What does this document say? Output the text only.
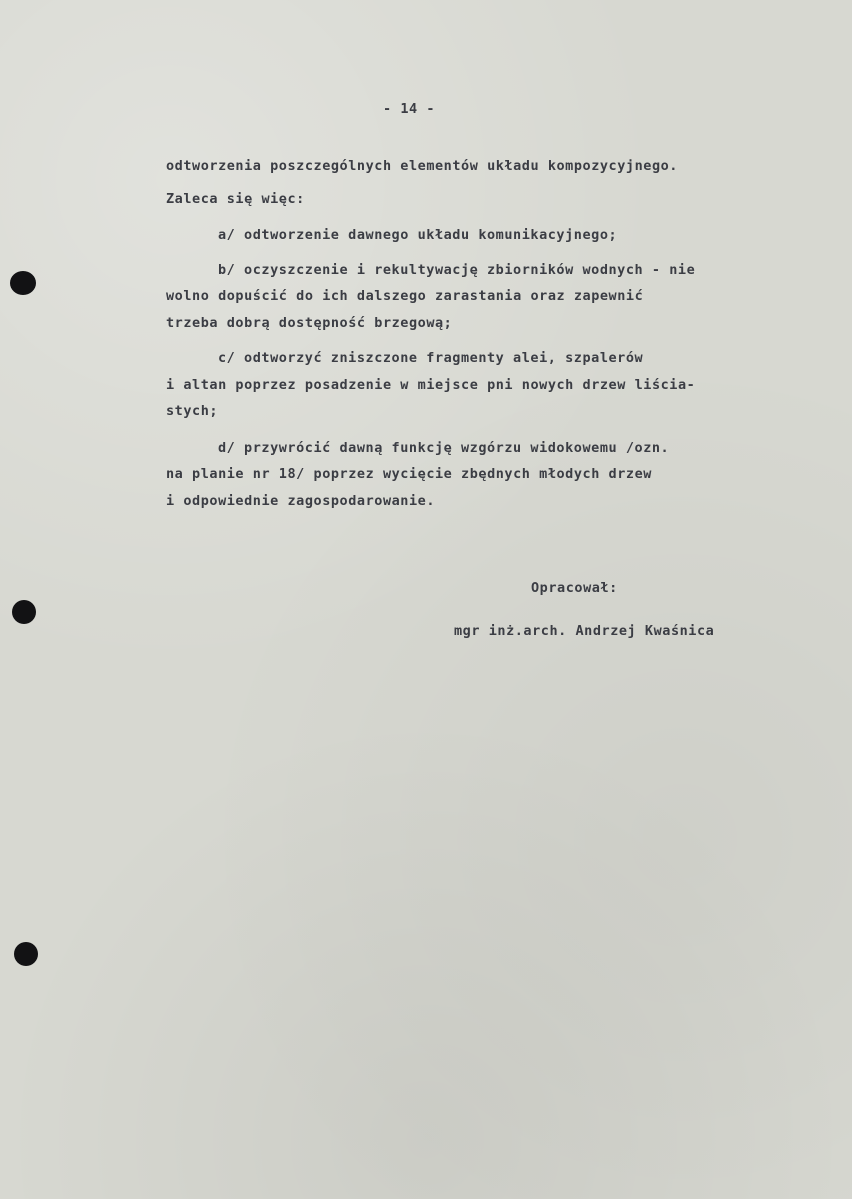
- 14 -
odtworzenia poszczególnych elementów układu kompozycyjnego.
Zaleca się więc:
a/ odtworzenie dawnego układu komunikacyjnego;
b/ oczyszczenie i rekultywację zbiorników wodnych - nie
wolno dopuścić do ich dalszego zarastania oraz zapewnić
trzeba dobrą dostępność brzegową;
c/ odtworzyć zniszczone fragmenty alei, szpalerów
i altan poprzez posadzenie w miejsce pni nowych drzew liścia-
stych;
d/ przywrócić dawną funkcję wzgórzu widokowemu /ozn.
na planie nr 18/ poprzez wycięcie zbędnych młodych drzew
i odpowiednie zagospodarowanie.
Opracował:
mgr inż.arch. Andrzej Kwaśnica
